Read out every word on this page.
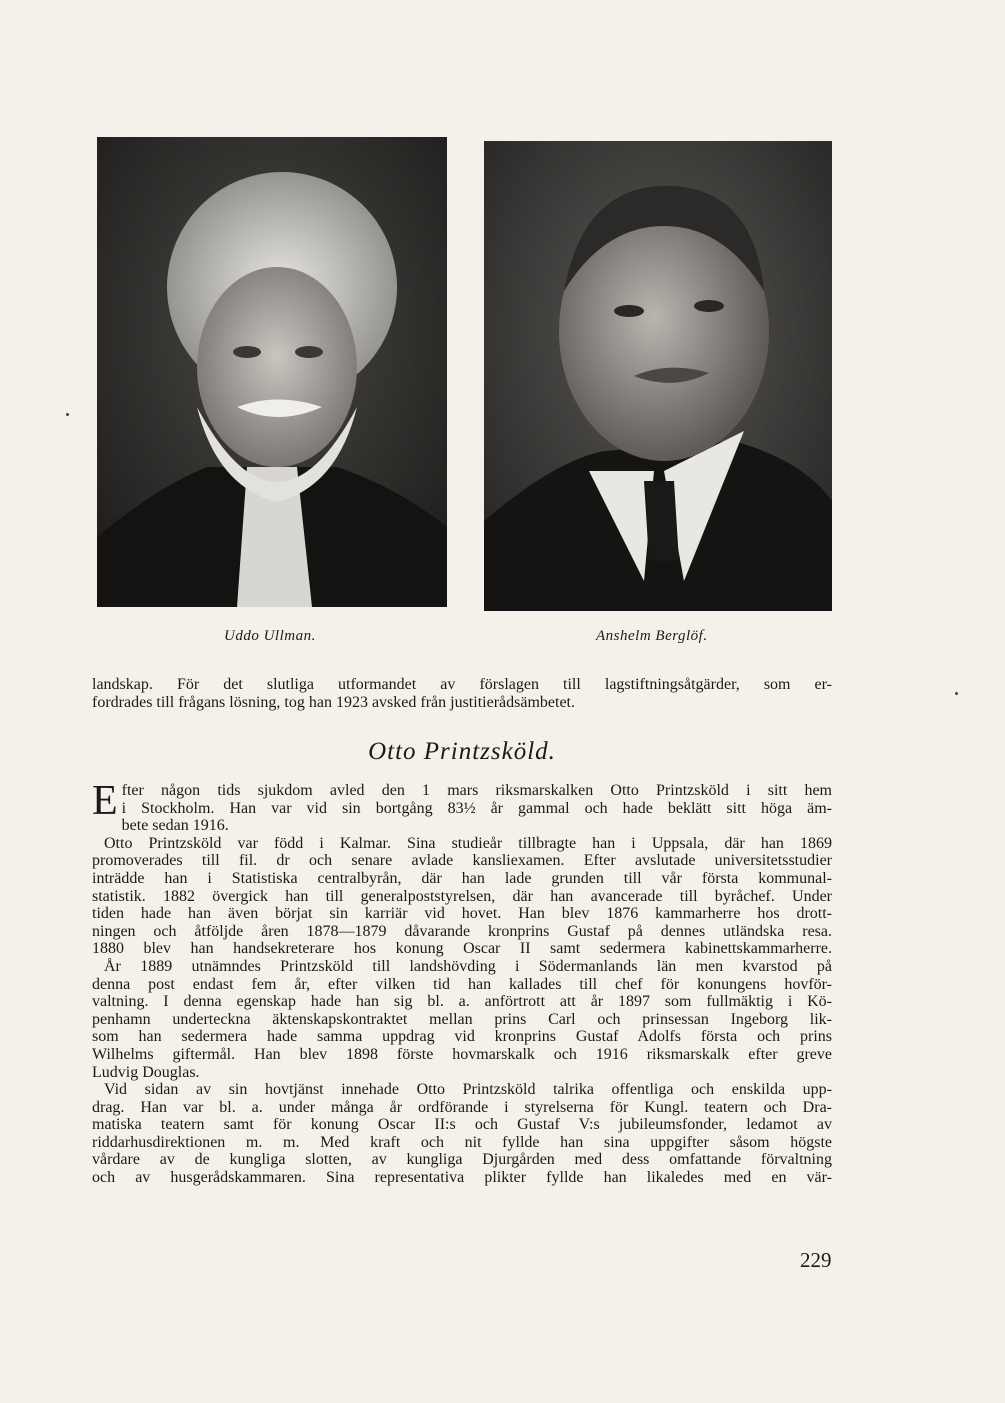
Uddo Ullman.	Anshelm Berglöf.
landskap. För det slutliga utformandet av förslagen till lagstiftningsåtgärder, som er-
fordrades till frågans lösning, tog han 1923 avsked från justitierådsämbetet.
Otto Printzsköld.
E fter någon tids sjukdom avled den 1 mars riksmarskalken Otto Printzsköld i sitt hem
i Stockholm. Han var vid sin bortgång 83½ år gammal och hade beklätt sitt höga äm-
bete sedan 1916.
Otto Printzsköld var född i Kalmar. Sina studieår tillbragte han i Uppsala, där han 1869
promoverades till fil. dr och senare avlade kansliexamen. Efter avslutade universitetsstudier
inträdde han i Statistiska centralbyrån, där han lade grunden till vår första kommunal-
statistik. 1882 övergick han till generalpoststyrelsen, där han avancerade till byråchef. Under
tiden hade han även börjat sin karriär vid hovet. Han blev 1876 kammarherre hos drott-
ningen och åtföljde åren 1878—1879 dåvarande kronprins Gustaf på dennes utländska resa.
1880 blev han handsekreterare hos konung Oscar II samt sedermera kabinettskammarherre.
År 1889 utnämndes Printzsköld till landshövding i Södermanlands län men kvarstod på
denna post endast fem år, efter vilken tid han kallades till chef för konungens hovför-
valtning. I denna egenskap hade han sig bl. a. anförtrott att år 1897 som fullmäktig i Kö-
penhamn underteckna äktenskapskontraktet mellan prins Carl och prinsessan Ingeborg lik-
som han sedermera hade samma uppdrag vid kronprins Gustaf Adolfs första och prins
Wilhelms giftermål. Han blev 1898 förste hovmarskalk och 1916 riksmarskalk efter greve
Ludvig Douglas.
Vid sidan av sin hovtjänst innehade Otto Printzsköld talrika offentliga och enskilda upp-
drag. Han var bl. a. under många år ordförande i styrelserna för Kungl. teatern och Dra-
matiska teatern samt för konung Oscar II:s och Gustaf V:s jubileumsfonder, ledamot av
riddarhusdirektionen m. m. Med kraft och nit fyllde han sina uppgifter såsom högste
vårdare av de kungliga slotten, av kungliga Djurgården med dess omfattande förvaltning
och av husgerådskammaren. Sina representativa plikter fyllde han likaledes med en vär-
229
